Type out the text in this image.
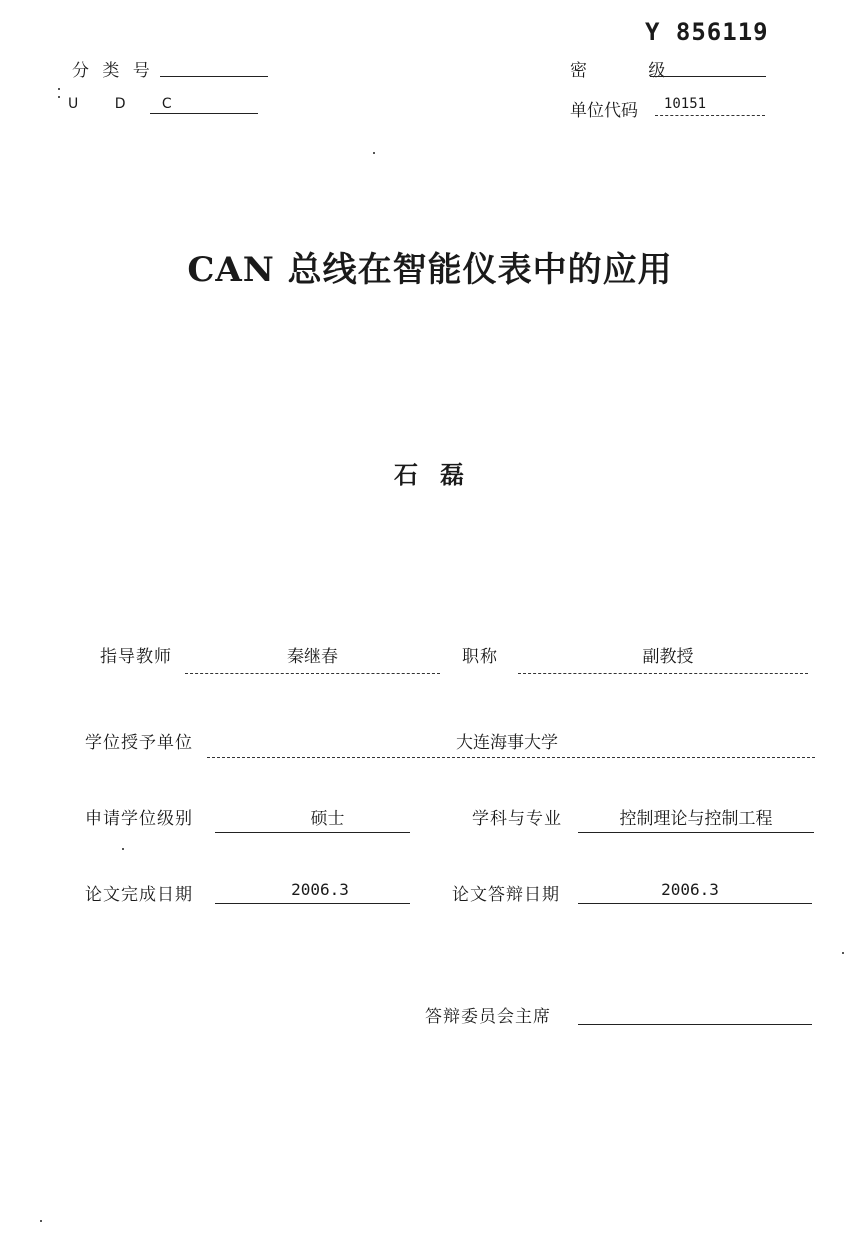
Y 856119
分 类 号
U D C
密 级
单位代码	10151
CAN 总线在智能仪表中的应用
石磊
指导教师	秦继春	职称	副教授
学位授予单位	大连海事大学
申请学位级别	硕士	学科与专业	控制理论与控制工程
论文完成日期	2006.3	论文答辩日期	2006.3
答辩委员会主席
